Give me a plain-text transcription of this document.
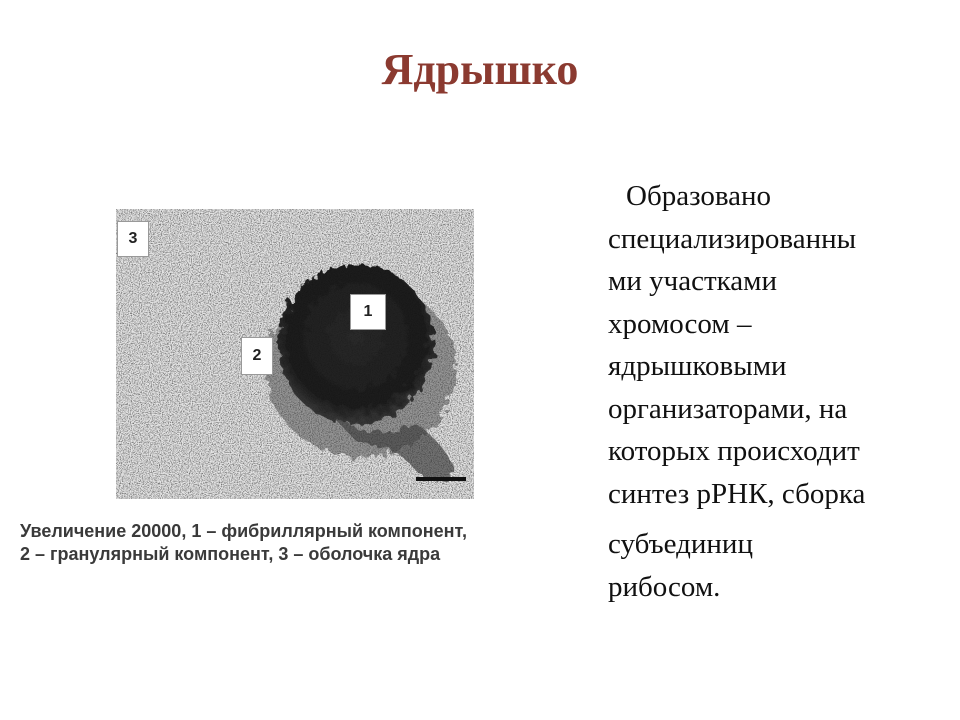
Ядрышко
3
1
2
Увеличение 20000, 1 – фибриллярный компонент,
2 – гранулярный компонент, 3 – оболочка ядра
Образовано
специализированны
ми участками
хромосом –
ядрышковыми
организаторами, на
которых происходит
синтез рРНК, сборка
субъединиц
рибосом.
